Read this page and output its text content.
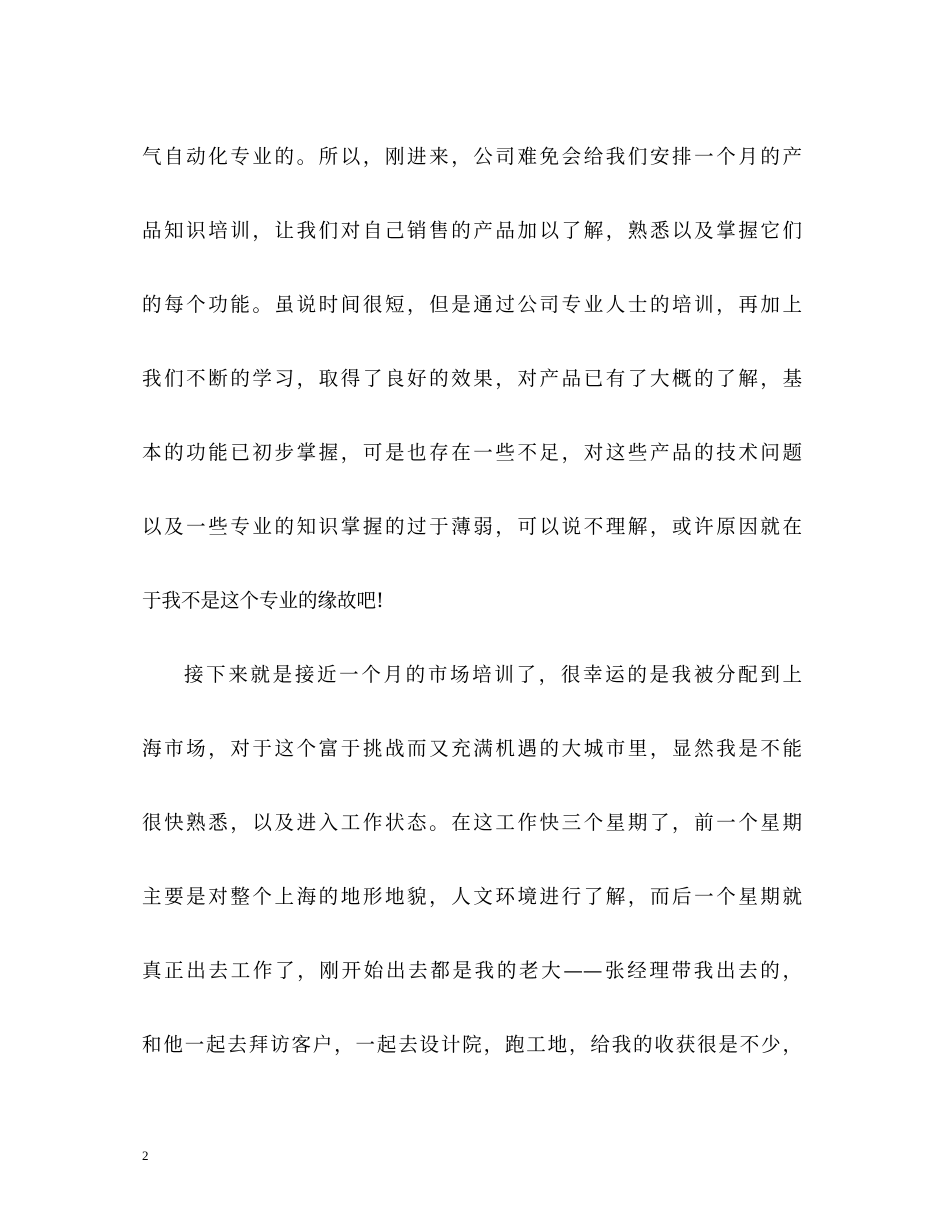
气自动化专业的。所以，刚进来，公司难免会给我们安排一个月的产
品知识培训，让我们对自己销售的产品加以了解，熟悉以及掌握它们
的每个功能。虽说时间很短，但是通过公司专业人士的培训，再加上
我们不断的学习，取得了良好的效果，对产品已有了大概的了解，基
本的功能已初步掌握，可是也存在一些不足，对这些产品的技术问题
以及一些专业的知识掌握的过于薄弱，可以说不理解，或许原因就在
于我不是这个专业的缘故吧!
接下来就是接近一个月的市场培训了，很幸运的是我被分配到上
海市场，对于这个富于挑战而又充满机遇的大城市里，显然我是不能
很快熟悉，以及进入工作状态。在这工作快三个星期了，前一个星期
主要是对整个上海的地形地貌，人文环境进行了解，而后一个星期就
真正出去工作了，刚开始出去都是我的老大——张经理带我出去的，
和他一起去拜访客户，一起去设计院，跑工地，给我的收获很是不少，
2
